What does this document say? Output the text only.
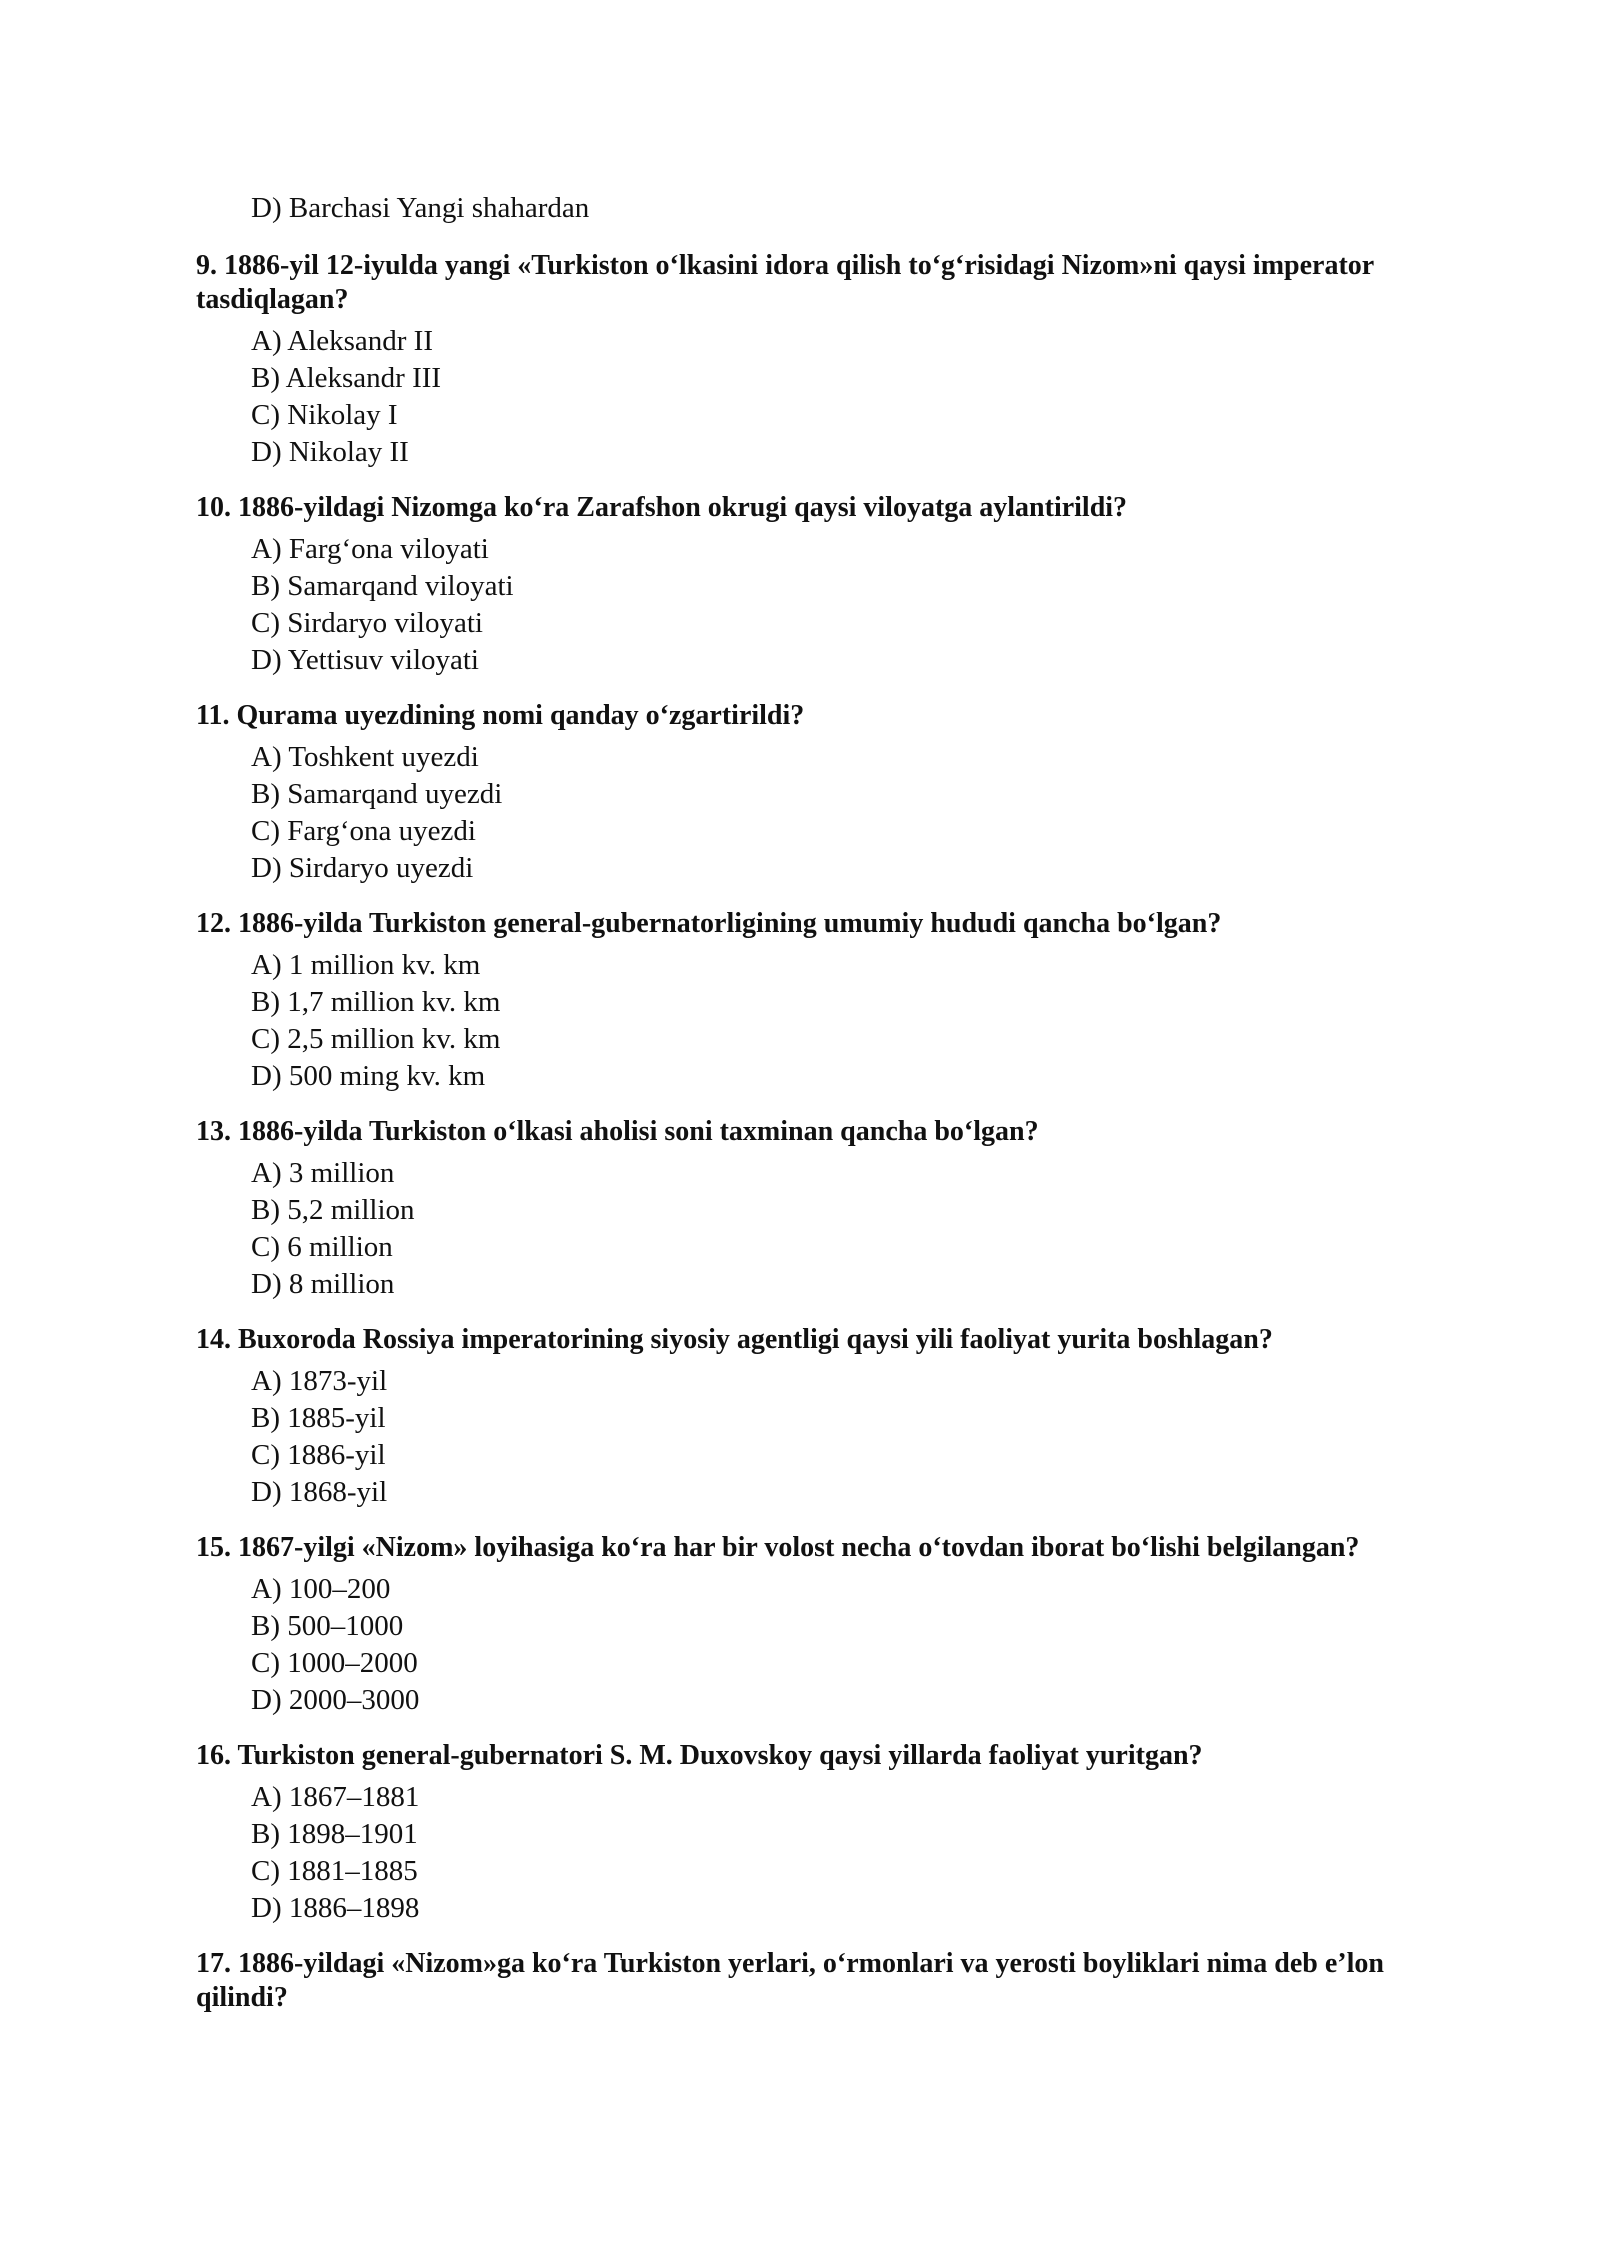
D) Barchasi Yangi shahardan
9. 1886-yil 12-iyulda yangi «Turkiston o‘lkasini idora qilish to‘g‘risidagi Nizom»ni qaysi imperator tasdiqlagan?
A) Aleksandr II
B) Aleksandr III
C) Nikolay I
D) Nikolay II
10. 1886-yildagi Nizomga ko‘ra Zarafshon okrugi qaysi viloyatga aylantirildi?
A) Farg‘ona viloyati
B) Samarqand viloyati
C) Sirdaryo viloyati
D) Yettisuv viloyati
11. Qurama uyezdining nomi qanday o‘zgartirildi?
A) Toshkent uyezdi
B) Samarqand uyezdi
C) Farg‘ona uyezdi
D) Sirdaryo uyezdi
12. 1886-yilda Turkiston general-gubernatorligining umumiy hududi qancha bo‘lgan?
A) 1 million kv. km
B) 1,7 million kv. km
C) 2,5 million kv. km
D) 500 ming kv. km
13. 1886-yilda Turkiston o‘lkasi aholisi soni taxminan qancha bo‘lgan?
A) 3 million
B) 5,2 million
C) 6 million
D) 8 million
14. Buxoroda Rossiya imperatorining siyosiy agentligi qaysi yili faoliyat yurita boshlagan?
A) 1873-yil
B) 1885-yil
C) 1886-yil
D) 1868-yil
15. 1867-yilgi «Nizom» loyihasiga ko‘ra har bir volost necha o‘tovdan iborat bo‘lishi belgilangan?
A) 100–200
B) 500–1000
C) 1000–2000
D) 2000–3000
16. Turkiston general-gubernatori S. M. Duxovskoy qaysi yillarda faoliyat yuritgan?
A) 1867–1881
B) 1898–1901
C) 1881–1885
D) 1886–1898
17. 1886-yildagi «Nizom»ga ko‘ra Turkiston yerlari, o‘rmonlari va yerosti boyliklari nima deb e’lon qilindi?
